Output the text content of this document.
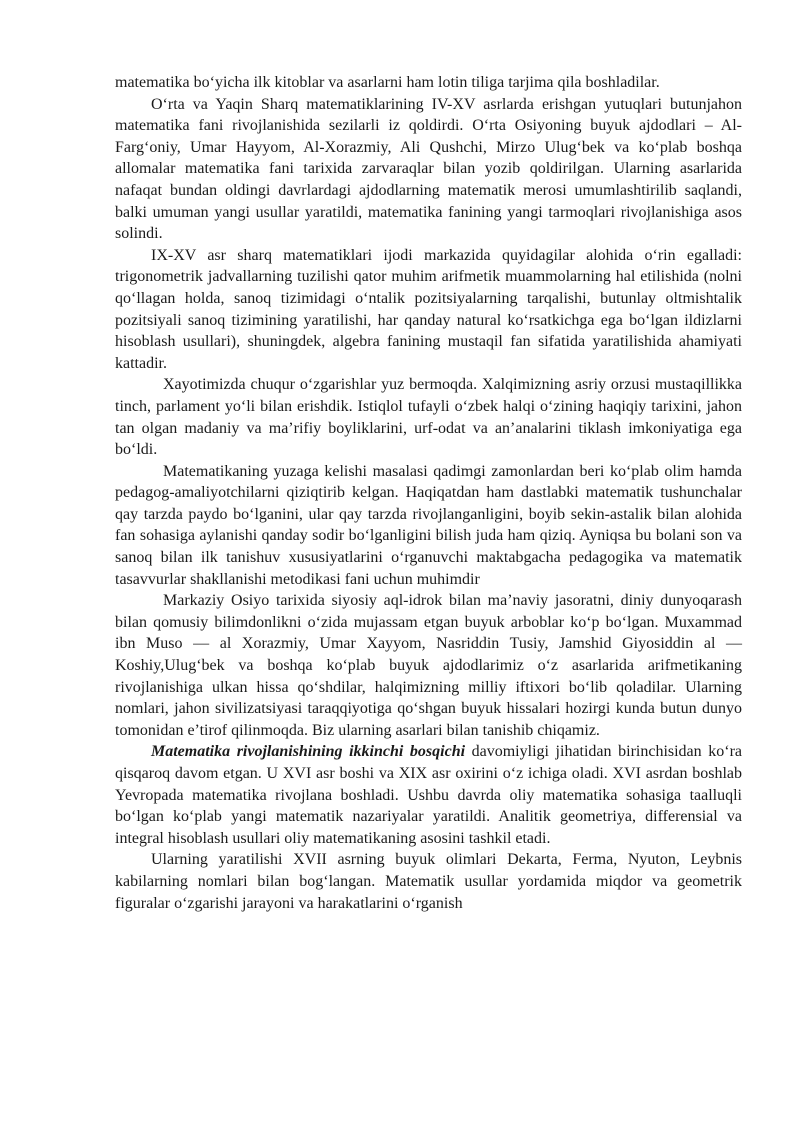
matematika bo‘yicha ilk kitoblar va asarlarni ham lotin tiligа tarjima qila boshladilar.

O‘rta va Yaqin Sharq matematiklarining IV-XV asrlarda erishgan yutuqlari butunjahon matematika fani rivojlanishida sezilarli iz qoldirdi. O‘rta Osiyoning buyuk ajdodlari – Al-Farg‘oniy, Umar Hayyom, Al-Xorazmiy, Ali Qushchi, Mirzo Ulug‘bek va ko‘plab boshqa allomalar matematika fani tarixida zarvaraqlar bilan yozib qoldirilgan. Ularning asarlarida nafaqat bundan oldingi davrlardagi ajdodlarning matematik merosi umumlashtirilib saqlandi, balki umuman yangi usullar yaratildi, matematika fanining yangi tarmoqlari rivojlanishiga asos solindi.

IX-XV asr sharq matematiklari ijodi markazida quyidagilar alohida o‘rin egalladi: trigonometrik jadvallarning tuzilishi qator muhim arifmetik muammolarning hal etilishida (nolni qo‘llagan holda, sanoq tizimidagi o‘ntalik pozitsiyalarning tarqalishi, butunlay oltmishtalik pozitsiyali sanoq tizimining yaratilishi, har qanday natural ko‘rsatkichga ega bo‘lgan ildizlarni hisoblash usullari), shuningdek, algebra fanining mustaqil fan sifatida yaratilishida ahamiyati kattadir.

Xayotimizda chuqur o‘zgarishlar yuz bermoqda. Xalqimizning asriy orzusi mustaqillikka tinch, parlament yo‘li bilan erishdik. Istiqlol tufayli o‘zbek halqi o‘zining haqiqiy tarixini, jahon tan olgan madaniy va ma’rifiy boyliklarini, urf-odat va an’analarini tiklash imkoniyatiga ega bo‘ldi.

Matematikaning yuzaga kelishi masalasi qadimgi zamonlardan beri ko‘plab olim hamda pedagog-amaliyotchilarni qiziqtirib kelgan. Haqiqatdan ham dastlabki matematik tushunchalar qay tarzda paydo bo‘lganini, ular qay tarzda rivojlanganligini, boyib sekin-astalik bilan alohida fan sohasiga aylanishi qanday sodir bo‘lganligini bilish juda ham qiziq. Ayniqsa bu bolani son va sanoq bilan ilk tanishuv xususiyatlarini o‘rganuvchi maktabgacha pedagogika va matematik tasavvurlar shakllanishi metodikasi fani uchun muhimdir

Markaziy Osiyo tarixida siyosiy aql-idrok bilan ma’naviy jasoratni, diniy dunyoqarash bilan qomusiy bilimdonlikni o‘zida mujassam etgan buyuk arboblar ko‘p bo‘lgan. Muxammad ibn Muso — al Xorazmiy, Umar Xayyom, Nasriddin Tusiy, Jamshid Giyosiddin al — Koshiy,Ulug‘bek va boshqa ko‘plab buyuk ajdodlarimiz o‘z asarlarida arifmetikaning rivojlanishiga ulkan hissa qo‘shdilar, halqimizning milliy iftixori bo‘lib qoladilar. Ularning nomlari, jahon sivilizatsiyasi taraqqiyotiga qo‘shgan buyuk hissalari hozirgi kunda butun dunyo tomonidan e’tirof qilinmoqda. Biz ularning asarlari bilan tanishib chiqamiz.

Matematika rivojlanishining ikkinchi bosqichi davomiyligi jihatidan birinchisidan ko‘ra qisqaroq davom etgan. U XVI asr boshi va XIX asr oxirini o‘z ichiga oladi. XVI asrdan boshlab Yevropada matematika rivojlana boshladi. Ushbu davrda oliy matematika sohasiga taalluqli bo‘lgan ko‘plab yangi matematik nazariyalar yaratildi. Analitik geometriya, differensial va integral hisoblash usullari oliy matematikaning asosini tashkil etadi.

Ularning yaratilishi XVII asrning buyuk olimlari Dekarta, Ferma, Nyuton, Leybnis kabilarning nomlari bilan bog‘langan. Matematik usullar yordamida miqdor va geometrik figuralar o‘zgarishi jarayoni va harakatlarini o‘rganish
